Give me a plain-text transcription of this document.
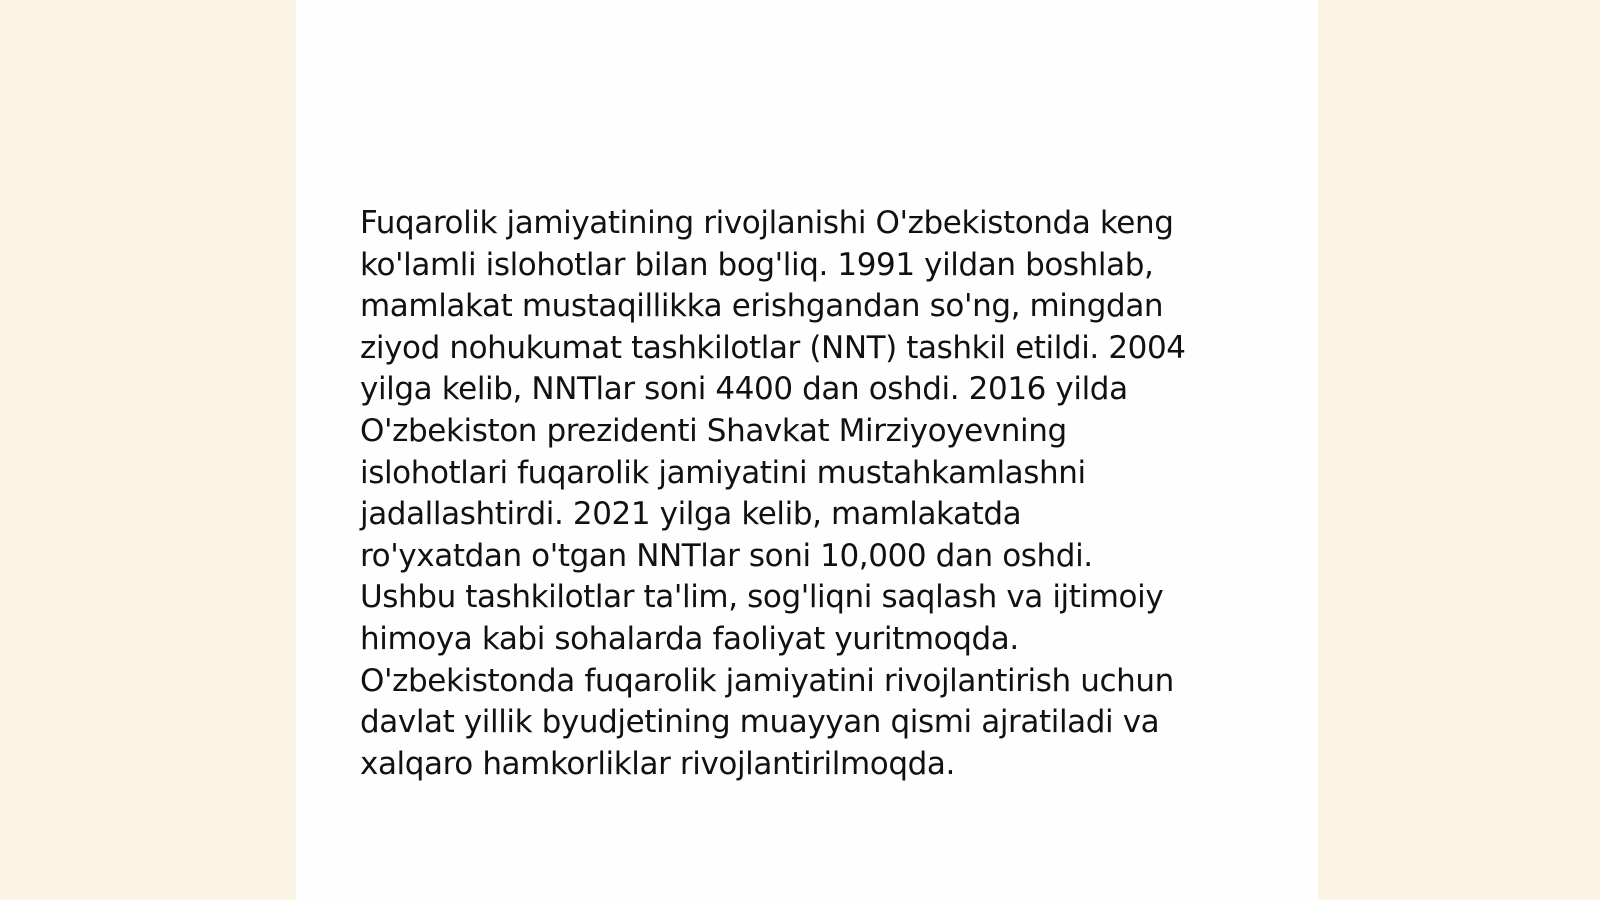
Fuqarolik jamiyatining rivojlanishi O'zbekistonda keng
ko'lamli islohotlar bilan bog'liq. 1991 yildan boshlab,
mamlakat mustaqillikka erishgandan so'ng, mingdan
ziyod nohukumat tashkilotlar (NNT) tashkil etildi. 2004
yilga kelib, NNTlar soni 4400 dan oshdi. 2016 yilda
O'zbekiston prezidenti Shavkat Mirziyoyevning
islohotlari fuqarolik jamiyatini mustahkamlashni
jadallashtirdi. 2021 yilga kelib, mamlakatda
ro'yxatdan o'tgan NNTlar soni 10,000 dan oshdi.
Ushbu tashkilotlar ta'lim, sog'liqni saqlash va ijtimoiy
himoya kabi sohalarda faoliyat yuritmoqda.
O'zbekistonda fuqarolik jamiyatini rivojlantirish uchun
davlat yillik byudjetining muayyan qismi ajratiladi va
xalqaro hamkorliklar rivojlantirilmoqda.
